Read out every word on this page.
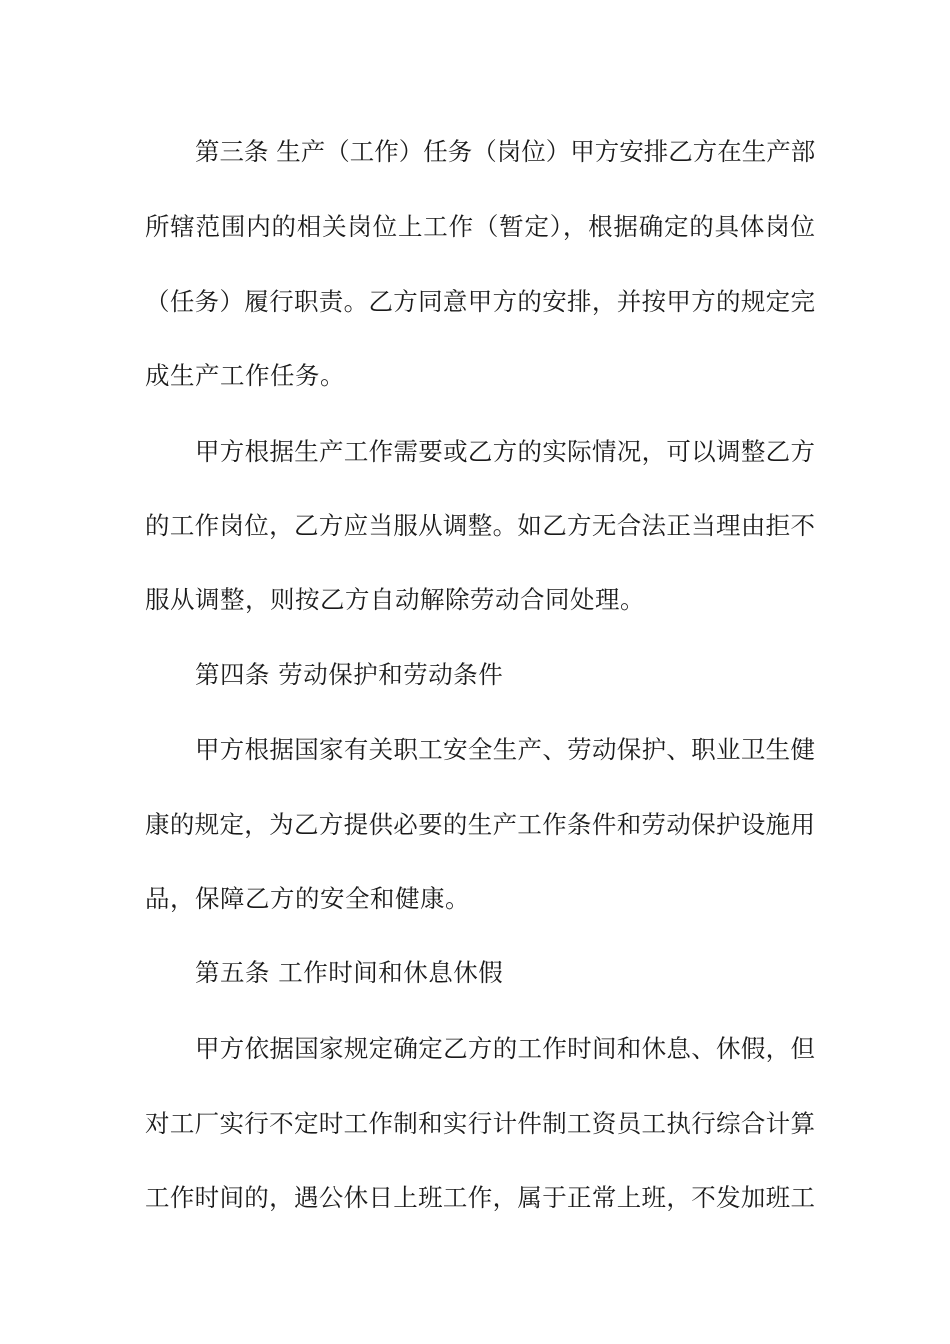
第三条 生产（工作）任务（岗位）甲方安排乙方在生产部
所辖范围内的相关岗位上工作（暂定），根据确定的具体岗位
（任务）履行职责。乙方同意甲方的安排，并按甲方的规定完
成生产工作任务。
甲方根据生产工作需要或乙方的实际情况，可以调整乙方
的工作岗位，乙方应当服从调整。如乙方无合法正当理由拒不
服从调整，则按乙方自动解除劳动合同处理。
第四条 劳动保护和劳动条件
甲方根据国家有关职工安全生产、劳动保护、职业卫生健
康的规定，为乙方提供必要的生产工作条件和劳动保护设施用
品，保障乙方的安全和健康。
第五条 工作时间和休息休假
甲方依据国家规定确定乙方的工作时间和休息、休假，但
对工厂实行不定时工作制和实行计件制工资员工执行综合计算
工作时间的，遇公休日上班工作，属于正常上班，不发加班工
